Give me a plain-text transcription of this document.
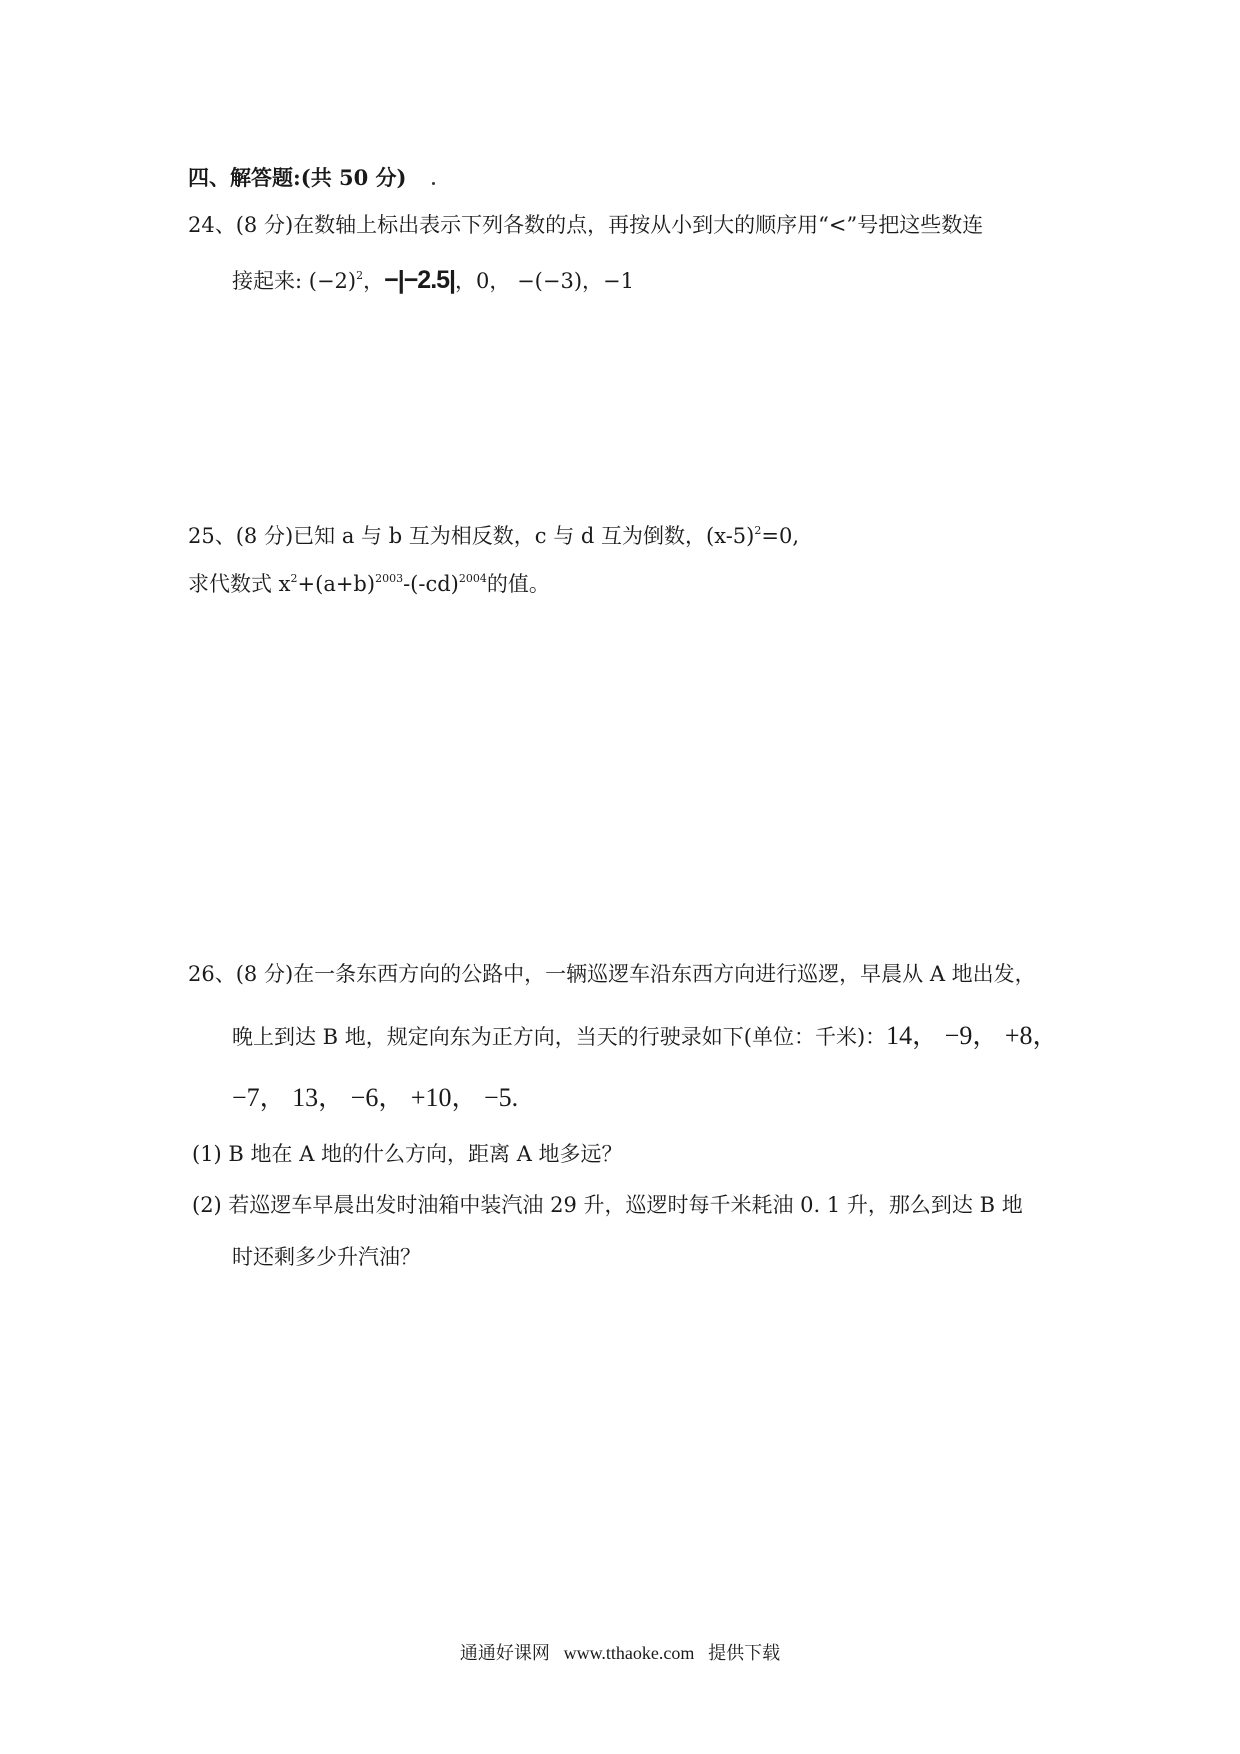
四、解答题:(共 50 分)
24、(8 分)在数轴上标出表示下列各数的点，再按从小到大的顺序用“<”号把这些数连
接起来: $(-2)^2$，−|−2.5|，0， −(−3)，−1
25、(8 分)已知 a 与 b 互为相反数，c 与 d 互为倒数，$(x-5)^2=0$,
求代数式 $x^2+(a+b)^{2003}-(-cd)^{2004}$的值。
26、(8 分)在一条东西方向的公路中，一辆巡逻车沿东西方向进行巡逻，早晨从 A 地出发，
晚上到达 B 地，规定向东为正方向，当天的行驶录如下(单位：千米)：14， −9， +8，
−7， 13， −6， +10， −5.
(1) B 地在 A 地的什么方向，距离 A 地多远？
(2) 若巡逻车早晨出发时油箱中装汽油 29 升，巡逻时每千米耗油 0. 1 升，那么到达 B 地
时还剩多少升汽油？
通通好课网 www.tthaoke.com 提供下载
